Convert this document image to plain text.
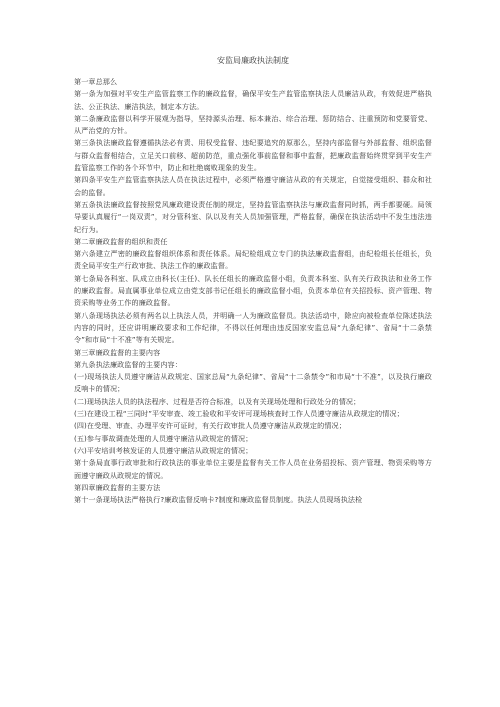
安监局廉政执法制度

第一章总那么

第一条为加强对平安生产监管监察工作的廉政监督，确保平安生产监管监察执法人员廉洁从政，有效促进严格执法、公正执法、廉洁执法，制定本方法。

第二条廉政监督以科学开展观为指导，坚持源头治理、标本兼治、综合治理、惩防结合、注重预防和党要管党、从严治党的方针。

第三条执法廉政监督遵循执法必有责、用权受监督、违纪要追究的原那么，坚持内部监督与外部监督、组织监督与群众监督相结合，立足关口前移、超前防范，重点强化事前监督和事中监督，把廉政监督始终贯穿到平安生产监管监察工作的各个环节中，防止和杜绝腐败现象的发生。

第四条平安生产监管监察执法人员在执法过程中，必须严格遵守廉洁从政的有关规定，自觉接受组织、群众和社会的监督。

第五条执法廉政监督按照党风廉政建设责任制的规定，坚持监管监察执法与廉政监督同时抓，两手都要硬。局领导要认真履行“一岗双责”，对分管科室、队以及有关人员加强管理，严格监督，确保在执法活动中不发生违法违纪行为。

第二章廉政监督的组织和责任

第六条建立严密的廉政监督组织体系和责任体系。局纪检组成立专门的执法廉政监督组，由纪检组长任组长，负责全局平安生产行政审批、执法工作的廉政监督。

第七条局各科室、队成立由科长(主任)、队长任组长的廉政监督小组，负责本科室、队有关行政执法和业务工作的廉政监督。局直属事业单位成立由党支部书记任组长的廉政监督小组，负责本单位有关招投标、资产管理、物资采购等业务工作的廉政监督。

第八条现场执法必须有两名以上执法人员，并明确一人为廉政监督员。执法活动中，除应向被检查单位陈述执法内容的同时，还应讲明廉政要求和工作纪律，不得以任何理由违反国家安监总局“九条纪律”、省局“十二条禁令”和市局“十不准”等有关规定。

第三章廉政监督的主要内容

第九条执法廉政监督的主要内容：

(一)现场执法人员遵守廉洁从政规定、国家总局“九条纪律”、省局“十二条禁令”和市局“十不准”，以及执行廉政反响卡的情况；

(二)现场执法人员的执法程序、过程是否符合标准，以及有关现场处理和行政处分的情况；

(三)在建设工程“三同时”平安审查、竣工验收和平安评可现场核查时工作人员遵守廉洁从政规定的情况；

(四)在受理、审查、办理平安许可证时，有关行政审批人员遵守廉洁从政规定的情况；

(五)参与事故调查处理的人员遵守廉洁从政规定的情况；

(六)平安培训考核发证的人员遵守廉洁从政规定的情况；

第十条局直事行政审批和行政执法的事业单位主要是监督有关工作人员在业务招投标、资产管理、物资采购等方面遵守廉政从政规定的情况。

第四章廉政监督的主要方法

第十一条现场执法严格执行?廉政监督反响卡?制度和廉政监督员制度。执法人员现场执法检
